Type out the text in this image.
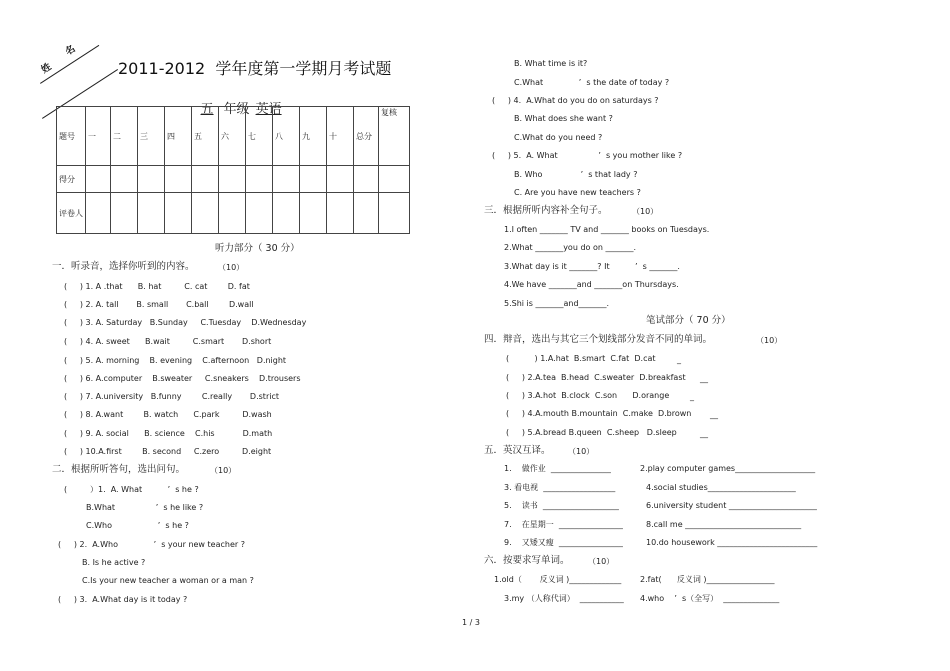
姓
名
2011-2012  学年度第一学期月考试题

五 年级 英语

题号	一	二	三	四	五	六	七	八	九	十	总分	复核
得分												
评卷人												
听力部分（ 30 分）
一．听录音，选择你听到的内容。	（10）
(     ) 1. A .that      B. hat         C. cat        D. fat
(     ) 2. A. tall       B. small       C.ball        D.wall
(     ) 3. A. Saturday   B.Sunday     C.Tuesday    D.Wednesday
(     ) 4. A. sweet      B.wait         C.smart       D.short
(     ) 5. A. morning    B. evening    C.afternoon   D.night
(     ) 6. A.computer    B.sweater     C.sneakers    D.trousers
(     ) 7. A.university   B.funny        C.really       D.strict
(     ) 8. A.want        B. watch      C.park         D.wash
(     ) 9. A. social      B. science    C.his           D.math
(     ) 10.A.first        B. second     C.zero         D.eight
二．根据所听答句，选出问句。	（10）
(         ）1.  A. What          ’  s he ?
B.What                ’  s he like ?
C.Who                  ’  s he ?
(     ) 2.  A.Who              ’  s your new teacher ?
B. Is he active ?
C.Is your new teacher a woman or a man ?
(     ) 3.  A.What day is it today ?
B. What time is it?
C.What              ’  s the date of today ?
(     ) 4.  A.What do you do on saturdays ?
B. What does she want ?
C.What do you need ?
(     ) 5.  A. What                ’  s you mother like ?
B. Who               ’  s that lady ?
C. Are you have new teachers ?
三．根据所听内容补全句子。	（10）
1.I often _______ TV and _______ books on Tuesdays.
2.What _______you do on _______.
3.What day is it _______? It          ’  s _______.
4.We have _______and _______on Thursdays.
5.Shi is _______and_______.
笔试部分（ 70 分）
四．辩音，选出与其它三个划线部分发音不同的单词。	（10）
(          ) 1.A.hat  B.smart  C.fat  D.cat
(     ) 2.A.tea  B.head  C.sweater  D.breakfast
(     ) 3.A.hot  B.clock  C.son      D.orange
(     ) 4.A.mouth B.mountain  C.make  D.brown
(     ) 5.A.bread B.queen  C.sheep   D.sleep
_
__
_
__
__
五．英汉互译。 （10）
1.    做作业  _______________	2.play computer games____________________
3. 看电视  __________________	4.social studies______________________
5.    读书  ___________________	6.university student ______________________
7.    在星期一  ________________	8.call me _____________________________
9.    又矮又瘦  ________________	10.do housework _________________________
六．按要求写单词。 （10）
1.old（       反义词 )_____________ 2.fat(      反义词 )_________________
3.my （人称代词）  ___________ 4.who    ’  s（全写）  ______________
1 / 3
